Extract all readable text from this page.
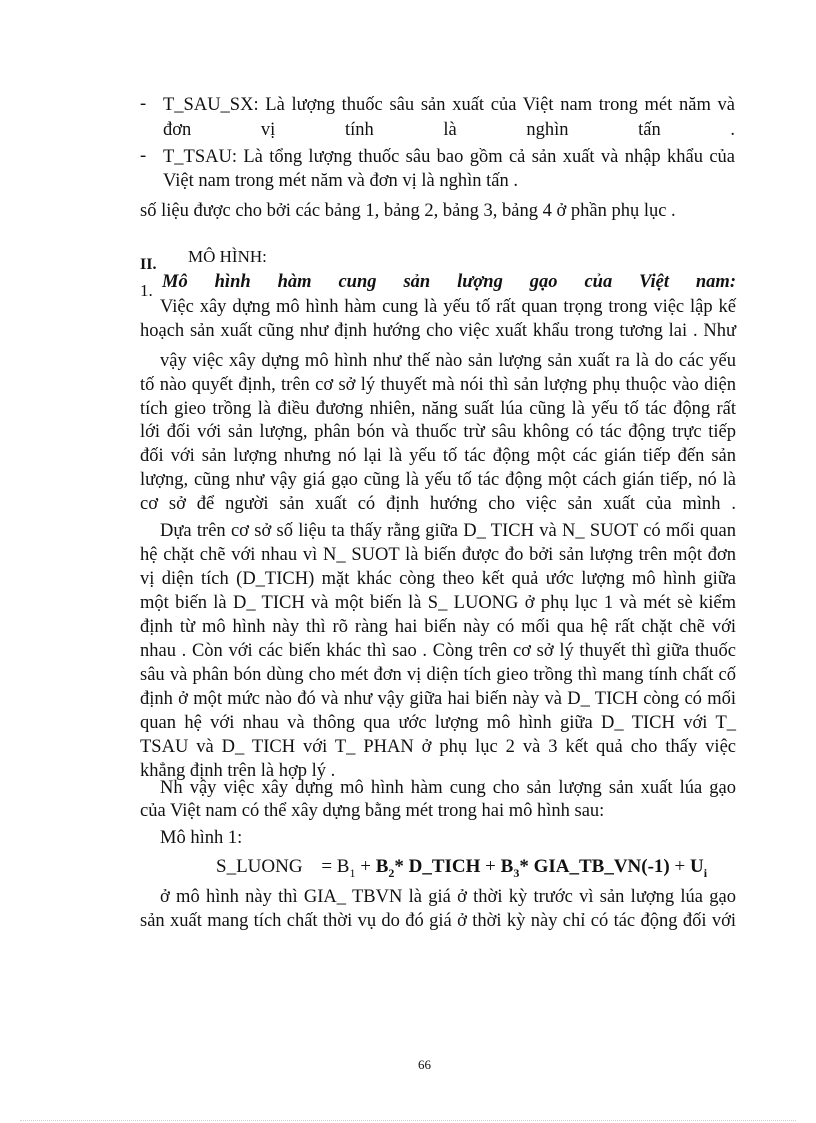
- T_SAU_SX: Là lượng thuốc sâu sản xuất của Việt nam trong mét năm và
đơn vị tính là nghìn tấn .
- T_TSAU: Là tổng lượng thuốc sâu bao gồm cả sản xuất và nhập khẩu của
Việt nam trong mét năm và đơn vị là nghìn tấn .
số liệu được cho bởi các bảng 1, bảng 2, bảng 3, bảng 4 ở phần phụ lục .
II. MÔ HÌNH:
1. Mô hình hàm cung sản lượng gạo của Việt nam:
Việc xây dựng mô hình hàm cung là yếu tố rất quan trọng trong việc lập kế
hoạch sản xuất cũng như định hướng cho việc xuất khẩu trong tương lai . Như
vậy việc xây dựng mô hình như thế nào sản lượng sản xuất ra là do các yếu
tố nào quyết định, trên cơ sở lý thuyết mà nói thì sản lượng phụ thuộc vào diện
tích gieo trồng là điều đương nhiên, năng suất lúa cũng là yếu tố tác động rất
lới đối với sản lượng, phân bón và thuốc trừ sâu không có tác động trực tiếp
đối với sản lượng nhưng nó lại là yếu tố tác động một các gián tiếp đến sản
lượng, cũng như vậy giá gạo cũng là yếu tố tác động một cách gián tiếp, nó là
cơ sở để người sản xuất có định hướng cho việc sản xuất của mình .
Dựa trên cơ sở số liệu ta thấy rằng giữa D_ TICH và N_ SUOT có mối quan
hệ chặt chẽ với nhau vì N_ SUOT là biến được đo bởi sản lượng trên một đơn
vị diện tích (D_TICH) mặt khác còng theo kết quả ước lượng mô hình giữa
một biến là D_ TICH và một biến là S_ LUONG ở phụ lục 1 và mét sè kiểm
định từ mô hình này thì rõ ràng hai biến này có mối qua hệ rất chặt chẽ với
nhau . Còn với các biến khác thì sao . Còng trên cơ sở lý thuyết thì giữa thuốc
sâu và phân bón dùng cho mét đơn vị diện tích gieo trồng thì mang tính chất cố
định ở một mức nào đó và như vậy giữa hai biến này và D_ TICH còng có mối
quan hệ với nhau và thông qua ước lượng mô hình giữa D_ TICH với T_
TSAU và D_ TICH với T_ PHAN ở phụ lục 2 và 3 kết quả cho thấy việc
khẳng định trên là hợp lý .
Nh vậy việc xây dựng mô hình hàm cung cho sản lượng sản xuất lúa gạo
của Việt nam có thể xây dựng bằng mét trong hai mô hình sau:
Mô hình 1:
S_LUONG = $B_1 + B_2*$ D_TICH + $B_3*$ GIA_TB_VN(-1) + $U_i$
ở mô hình này thì GIA_ TBVN là giá ở thời kỳ trước vì sản lượng lúa gạo
sản xuất mang tích chất thời vụ do đó giá ở thời kỳ này chỉ có tác động đối với
66
